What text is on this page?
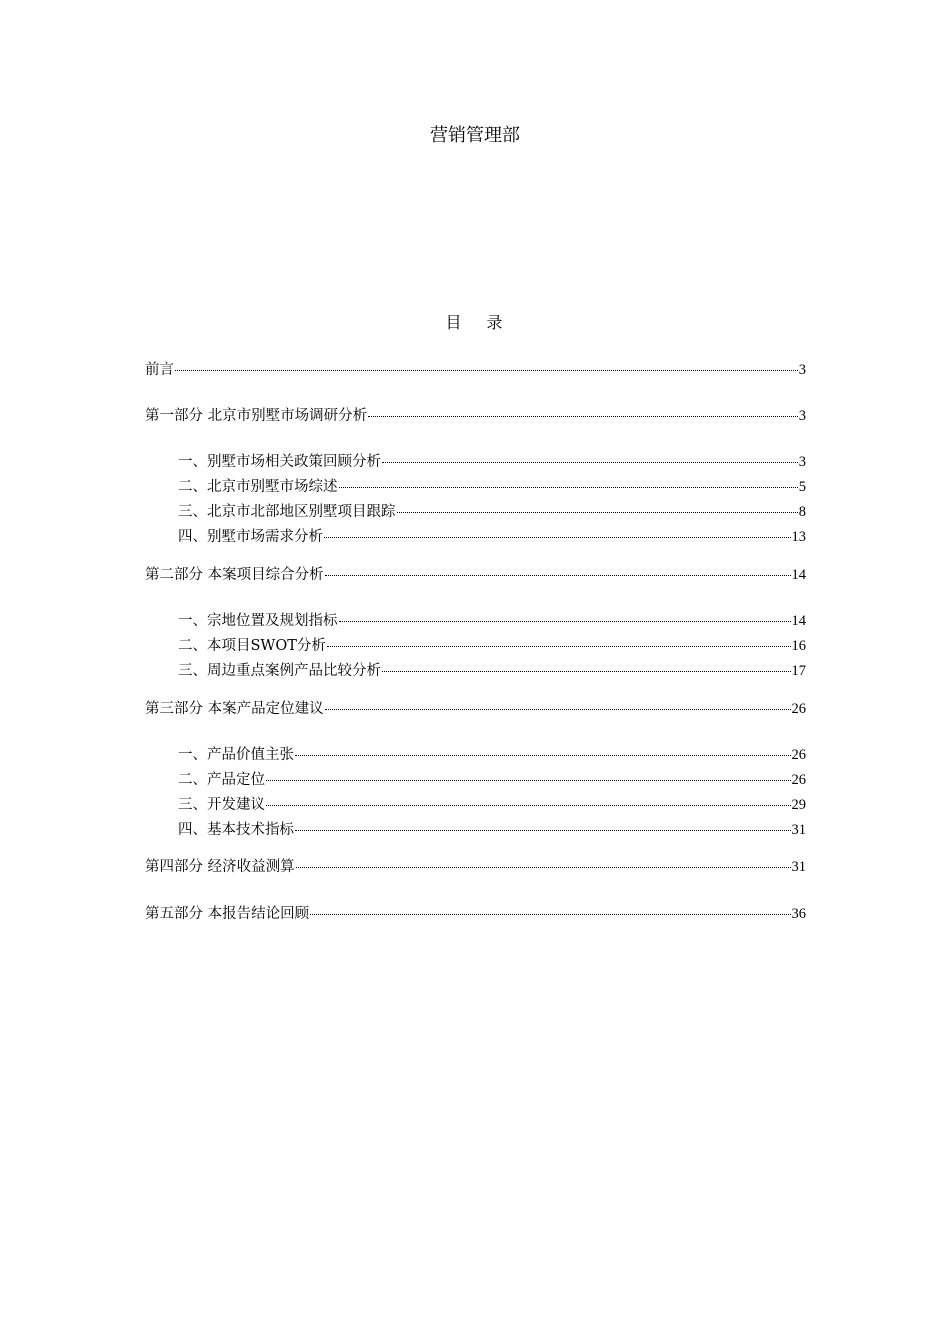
营销管理部
目 录
前言	3
第一部分 北京市别墅市场调研分析	3
一、别墅市场相关政策回顾分析	3
二、北京市别墅市场综述	5
三、北京市北部地区别墅项目跟踪	8
四、别墅市场需求分析	13
第二部分 本案项目综合分析	14
一、宗地位置及规划指标	14
二、本项目SWOT分析	16
三、周边重点案例产品比较分析	17
第三部分 本案产品定位建议	26
一、产品价值主张	26
二、产品定位	26
三、开发建议	29
四、基本技术指标	31
第四部分 经济收益测算	31
第五部分 本报告结论回顾	36
